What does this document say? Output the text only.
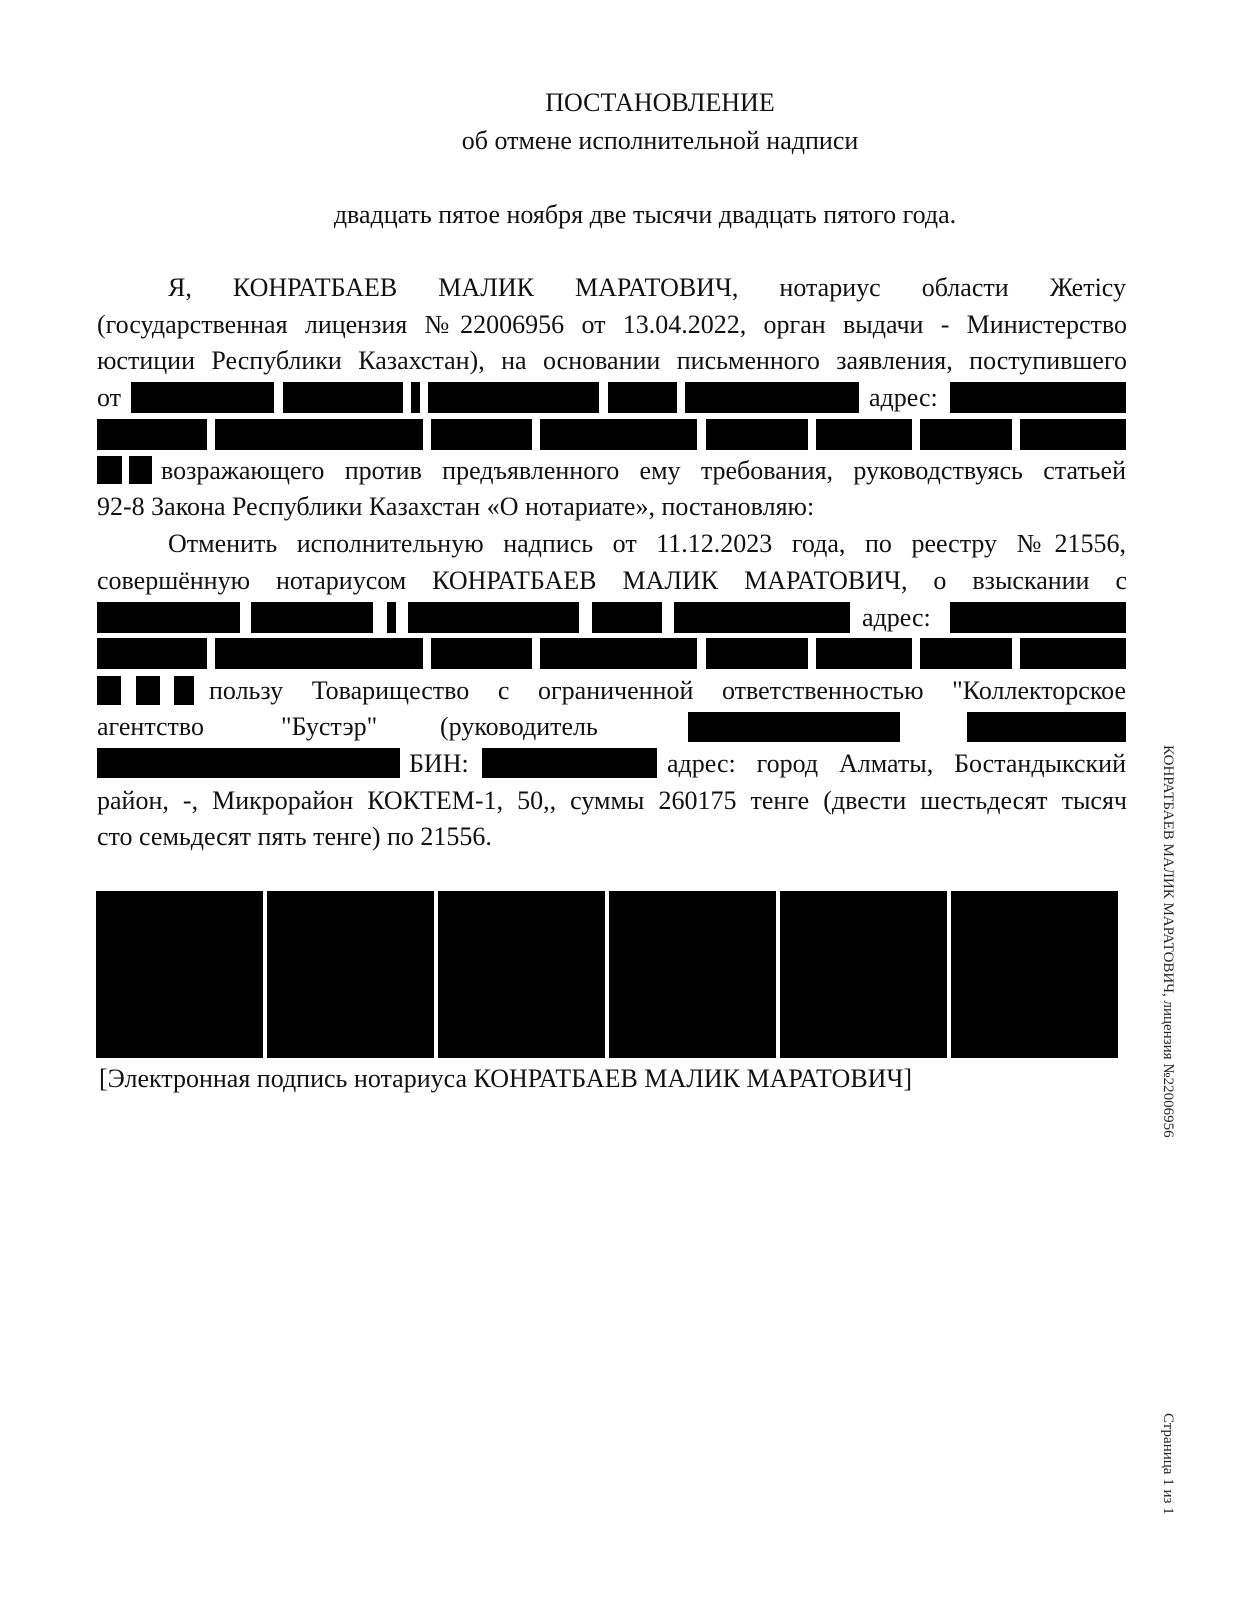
ПОСТАНОВЛЕНИЕ
об отмене исполнительной надписи
двадцать пятое ноября две тысячи двадцать пятого года.
Я, КОНРАТБАЕВ МАЛИК МАРАТОВИЧ, нотариус области Жетісу
(государственная лицензия №22006956 от 13.04.2022, орган выдачи - Министерство
юстиции Республики Казахстан), на основании письменного заявления, поступившего
от	адрес:
возражающего против предъявленного ему требования, руководствуясь статьей
92-8 Закона Республики Казахстан «О нотариате», постановляю:
Отменить исполнительную надпись от 11.12.2023 года, по реестру №21556,
совершённую нотариусом КОНРАТБАЕВ МАЛИК МАРАТОВИЧ, о взыскании с
адрес:
пользу Товарищество с ограниченной ответственностью "Коллекторское
агентство	"Бустэр" (руководитель
БИН:	адрес: город Алматы, Бостандыкский
район, -, Микрорайон КОКТЕМ-1, 50,, суммы 260175 тенге (двести шестьдесят тысяч
сто семьдесят пять тенге) по 21556.
[Электронная подпись нотариуса КОНРАТБАЕВ МАЛИК МАРАТОВИЧ]	КОНРАТБАЕВ МАЛИК МАРАТОВИЧ, лицензия №22006956
Страница 1 из 1
